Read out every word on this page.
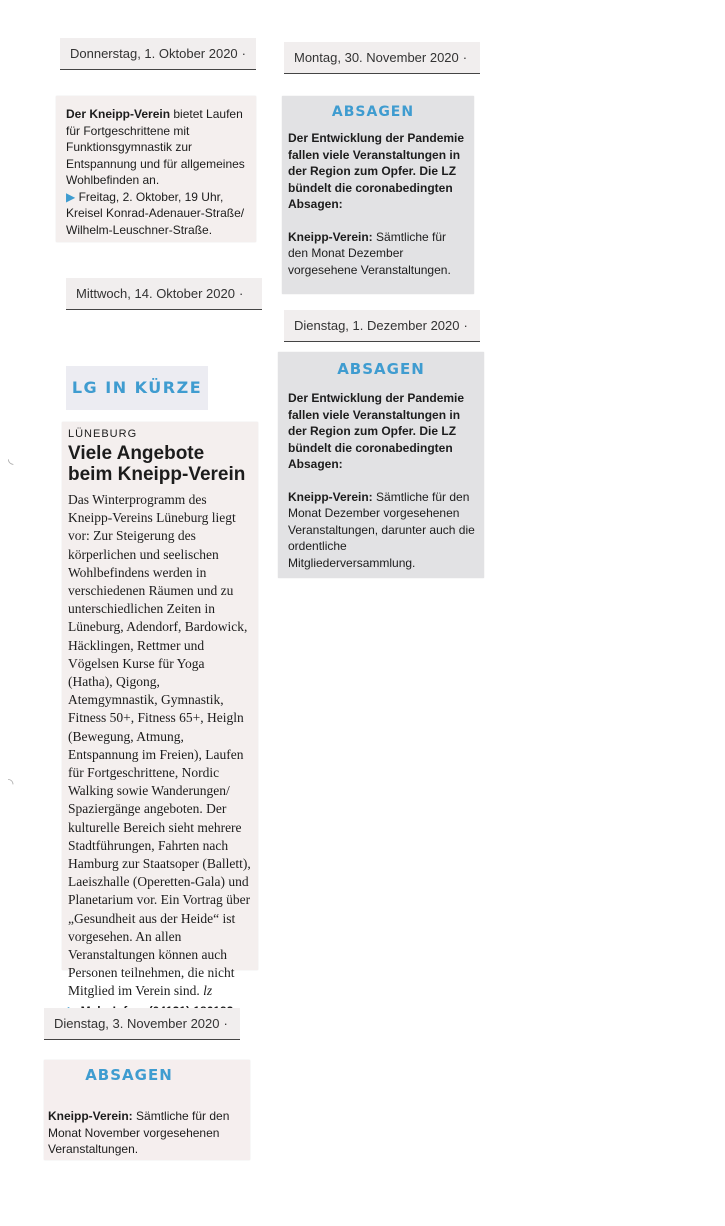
Donnerstag, 1. Oktober 2020 ·

Der Kneipp-Verein bietet Laufen für Fortgeschrittene mit Funktionsgymnastik zur Entspannung und für allgemeines Wohlbefinden an.

▶ Freitag, 2. Oktober, 19 Uhr, Kreisel Konrad-Adenauer-Straße/ Wilhelm-Leuschner-Straße.

Mittwoch, 14. Oktober 2020 ·
LG IN KÜRZE
LÜNEBURG
Viele Angebote beim Kneipp-Verein

Das Winterprogramm des Kneipp-Vereins Lüneburg liegt vor: Zur Steigerung des körperlichen und seelischen Wohlbefindens werden in verschiedenen Räumen und zu unterschiedlichen Zeiten in Lüneburg, Adendorf, Bardowick, Häcklingen, Rettmer und Vögelsen Kurse für Yoga (Hatha), Qigong, Atemgymnastik, Gymnastik, Fitness 50+, Fitness 65+, Heigln (Bewegung, Atmung, Entspannung im Freien), Laufen für Fortgeschrittene, Nordic Walking sowie Wanderungen/ Spaziergänge angeboten. Der kulturelle Bereich sieht mehrere Stadtführungen, Fahrten nach Hamburg zur Staatsoper (Ballett), Laeiszhalle (Operetten-Gala) und Planetarium vor. Ein Vortrag über „Gesundheit aus der Heide“ ist vorgesehen. An allen Veranstaltungen können auch Personen teilnehmen, die nicht Mitglied im Verein sind. lz

Dienstag, 3. November 2020 ·
ABSAGEN

Kneipp-Verein: Sämtliche für den Monat November vorgesehenen Veranstaltungen.

Montag, 30. November 2020 ·
ABSAGEN

Der Entwicklung der Pandemie fallen viele Veranstaltungen in der Region zum Opfer. Die LZ bündelt die coronabedingten Absagen:

Kneipp-Verein: Sämtliche für den Monat Dezember vorgesehene Veranstaltungen.

Dienstag, 1. Dezember 2020 ·
ABSAGEN

Der Entwicklung der Pandemie fallen viele Veranstaltungen in der Region zum Opfer. Die LZ bündelt die coronabedingten Absagen:

Kneipp-Verein: Sämtliche für den Monat Dezember vorgesehenen Veranstaltungen, darunter auch die ordentliche Mitgliederversammlung.

◟
◝
